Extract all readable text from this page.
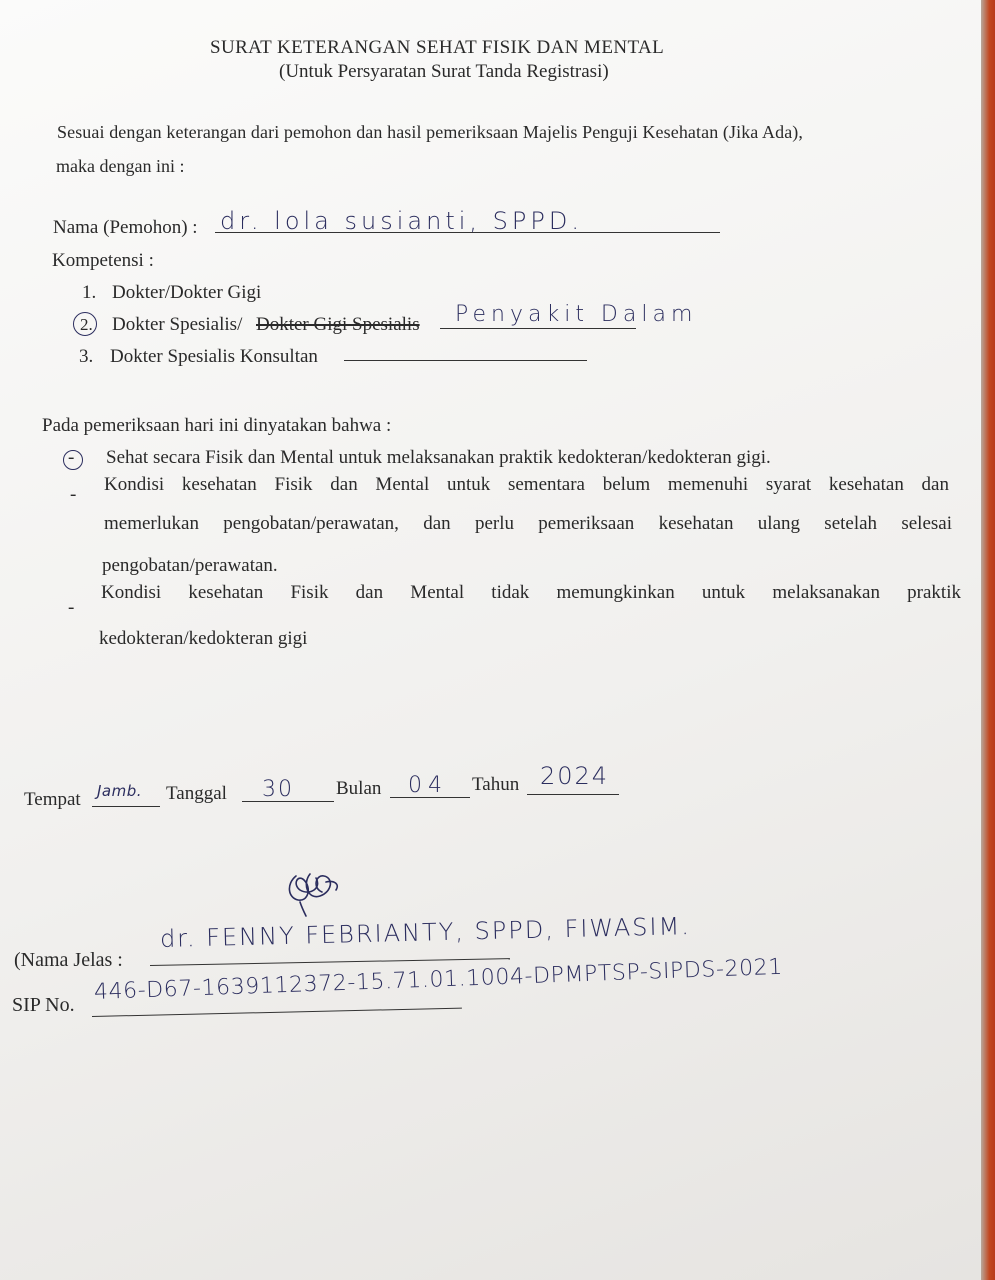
SURAT KETERANGAN SEHAT FISIK DAN MENTAL
(Untuk Persyaratan Surat Tanda Registrasi)
Sesuai dengan keterangan dari pemohon dan hasil pemeriksaan Majelis Penguji Kesehatan (Jika Ada),
maka dengan ini :
Nama (Pemohon) : dr. lola susianti, SPPD.
Kompetensi :
1. Dokter/Dokter Gigi
2. Dokter Spesialis/ Dokter Gigi Spesialis Penyakit Dalam
3. Dokter Spesialis Konsultan
Pada pemeriksaan hari ini dinyatakan bahwa :
- Sehat secara Fisik dan Mental untuk melaksanakan praktik kedokteran/kedokteran gigi.
- Kondisi kesehatan Fisik dan Mental untuk sementara belum memenuhi syarat kesehatan dan
memerlukan pengobatan/perawatan, dan perlu pemeriksaan kesehatan ulang setelah selesai
pengobatan/perawatan.
-
Kondisi kesehatan Fisik dan Mental tidak memungkinkan untuk melaksanakan praktik
kedokteran/kedokteran gigi
Tempat Jamb. Tanggal 30 Bulan 04 Tahun 2024
(Nama Jelas :
dr. FENNY FEBRIANTY, SPPD, FIWASIM.
SIP No.
446-D67-1639112372-15.71.01.1004-DPMPTSP-SIPDS-2021
